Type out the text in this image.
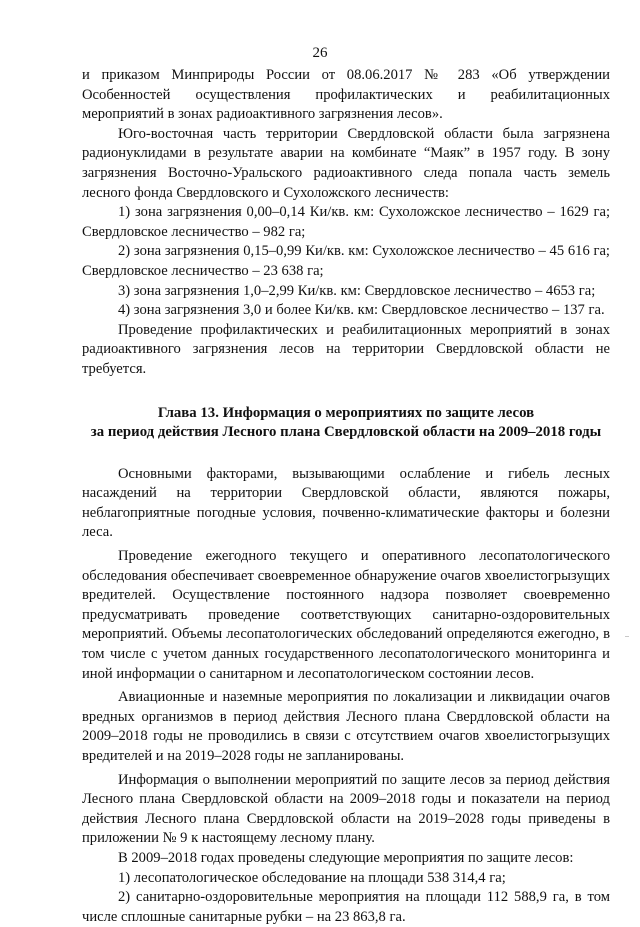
26

и приказом Минприроды России от 08.06.2017 № 283 «Об утверждении Особенностей осуществления профилактических и реабилитационных мероприятий в зонах радиоактивного загрязнения лесов».

Юго-восточная часть территории Свердловской области была загрязнена радионуклидами в результате аварии на комбинате “Маяк” в 1957 году. В зону загрязнения Восточно-Уральского радиоактивного следа попала часть земель лесного фонда Свердловского и Сухоложского лесничеств:

1) зона загрязнения 0,00–0,14 Ки/кв. км: Сухоложское лесничество – 1629 га; Свердловское лесничество – 982 га;

2) зона загрязнения 0,15–0,99 Ки/кв. км: Сухоложское лесничество – 45 616 га; Свердловское лесничество – 23 638 га;

3) зона загрязнения 1,0–2,99 Ки/кв. км: Свердловское лесничество – 4653 га;

4) зона загрязнения 3,0 и более Ки/кв. км: Свердловское лесничество – 137 га.

Проведение профилактических и реабилитационных мероприятий в зонах радиоактивного загрязнения лесов на территории Свердловской области не требуется.

Глава 13. Информация о мероприятиях по защите лесов
за период действия Лесного плана Свердловской области на 2009–2018 годы

Основными факторами, вызывающими ослабление и гибель лесных насаждений на территории Свердловской области, являются пожары, неблагоприятные погодные условия, почвенно-климатические факторы и болезни леса.

Проведение ежегодного текущего и оперативного лесопатологического обследования обеспечивает своевременное обнаружение очагов хвоелистогрызущих вредителей. Осуществление постоянного надзора позволяет своевременно предусматривать проведение соответствующих санитарно-оздоровительных мероприятий. Объемы лесопатологических обследований определяются ежегодно, в том числе с учетом данных государственного лесопатологического мониторинга и иной информации о санитарном и лесопатологическом состоянии лесов.

Авиационные и наземные мероприятия по локализации и ликвидации очагов вредных организмов в период действия Лесного плана Свердловской области на 2009–2018 годы не проводились в связи с отсутствием очагов хвоелистогрызущих вредителей и на 2019–2028 годы не запланированы.

Информация о выполнении мероприятий по защите лесов за период действия Лесного плана Свердловской области на 2009–2018 годы и показатели на период действия Лесного плана Свердловской области на 2019–2028 годы приведены в приложении № 9 к настоящему лесному плану.

В 2009–2018 годах проведены следующие мероприятия по защите лесов:

1) лесопатологическое обследование на площади 538 314,4 га;

2) санитарно-оздоровительные мероприятия на площади 112 588,9 га, в том числе сплошные санитарные рубки – на 23 863,8 га.
